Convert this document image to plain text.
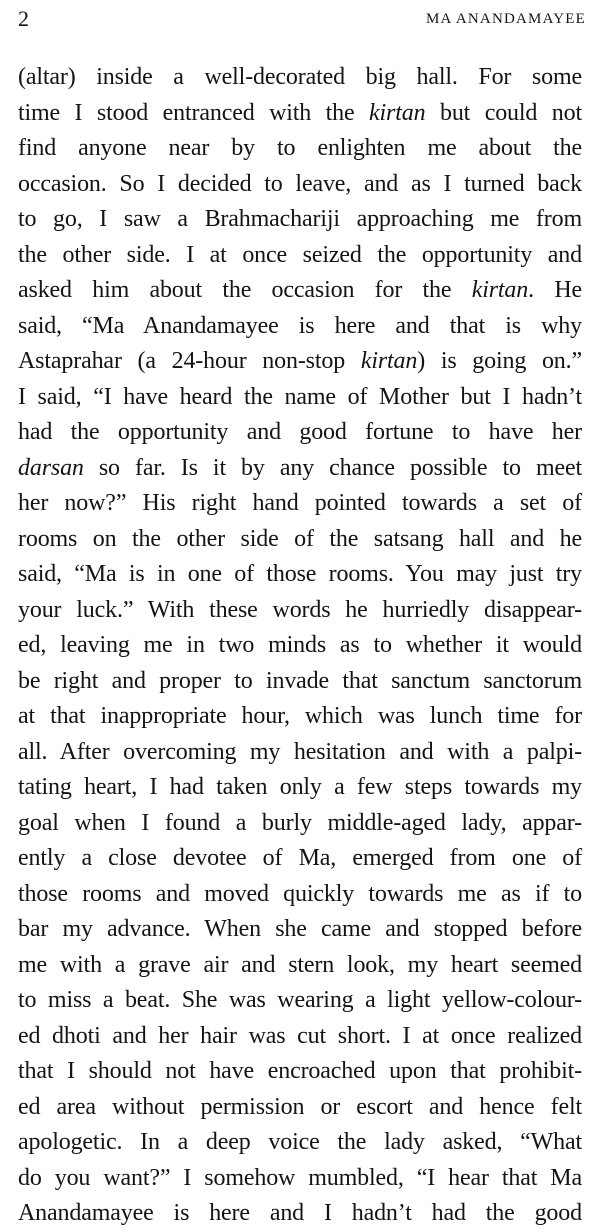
2	MA ANANDAMAYEE
(altar) inside a well-decorated big hall. For some
time I stood entranced with the kirtan but could not
find anyone near by to enlighten me about the
occasion. So I decided to leave, and as I turned back
to go, I saw a Brahmachariji approaching me from
the other side. I at once seized the opportunity and
asked him about the occasion for the kirtan. He
said, “Ma Anandamayee is here and that is why
Astaprahar (a 24-hour non-stop kirtan) is going on.”
I said, “I have heard the name of Mother but I hadn’t
had the opportunity and good fortune to have her
darsan so far. Is it by any chance possible to meet
her now?” His right hand pointed towards a set of
rooms on the other side of the satsang hall and he
said, “Ma is in one of those rooms. You may just try
your luck.” With these words he hurriedly disappear-
ed, leaving me in two minds as to whether it would
be right and proper to invade that sanctum sanctorum
at that inappropriate hour, which was lunch time for
all. After overcoming my hesitation and with a palpi-
tating heart, I had taken only a few steps towards my
goal when I found a burly middle-aged lady, appar-
ently a close devotee of Ma, emerged from one of
those rooms and moved quickly towards me as if to
bar my advance. When she came and stopped before
me with a grave air and stern look, my heart seemed
to miss a beat. She was wearing a light yellow-colour-
ed dhoti and her hair was cut short. I at once realized
that I should not have encroached upon that prohibit-
ed area without permission or escort and hence felt
apologetic. In a deep voice the lady asked, “What
do you want?” I somehow mumbled, “I hear that Ma
Anandamayee is here and I hadn’t had the good
